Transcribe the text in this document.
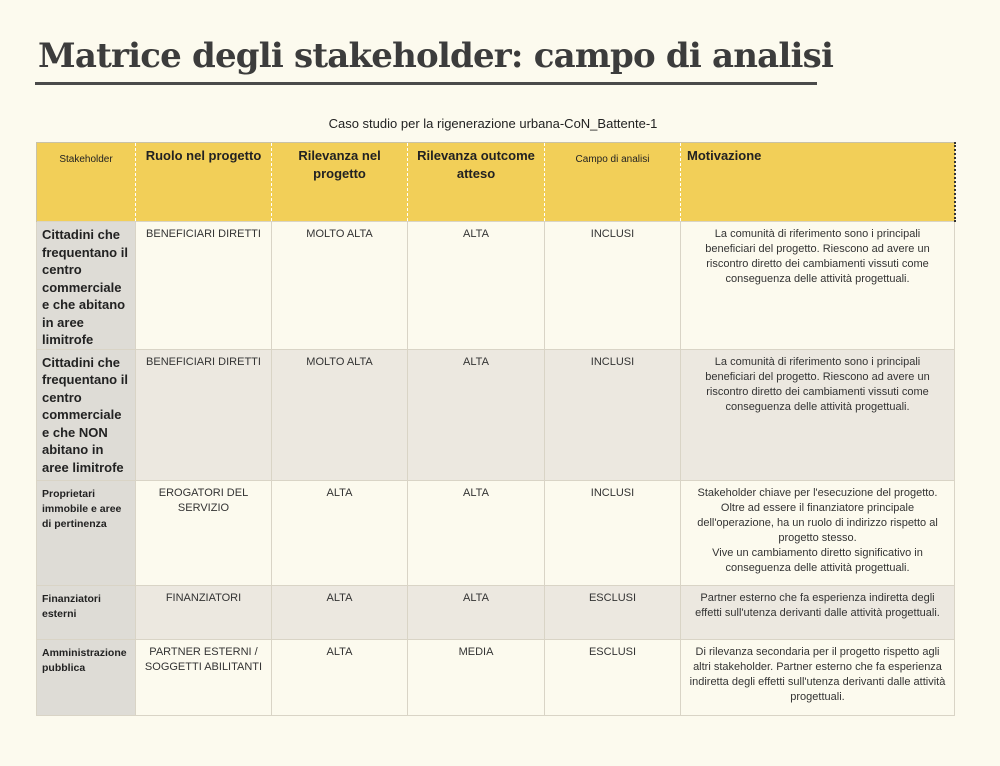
Matrice degli stakeholder: campo di analisi
Caso studio per la rigenerazione urbana-CoN_Battente-1
Stakeholder	Ruolo nel progetto	Rilevanza nel progetto	Rilevanza outcome atteso	Campo di analisi	Motivazione
Cittadini che frequentano il centro commerciale e che abitano in aree limitrofe	BENEFICIARI DIRETTI	MOLTO ALTA	ALTA	INCLUSI	La comunità di riferimento sono i principali beneficiari del progetto. Riescono ad avere un riscontro diretto dei cambiamenti vissuti come conseguenza delle attività progettuali.
Cittadini che frequentano il centro commerciale e che NON abitano in aree limitrofe	BENEFICIARI DIRETTI	MOLTO ALTA	ALTA	INCLUSI	La comunità di riferimento sono i principali beneficiari del progetto. Riescono ad avere un riscontro diretto dei cambiamenti vissuti come conseguenza delle attività progettuali.
Proprietari immobile e aree di pertinenza	EROGATORI DEL SERVIZIO	ALTA	ALTA	INCLUSI	Stakeholder chiave per l'esecuzione del progetto. Oltre ad essere il finanziatore principale dell'operazione, ha un ruolo di indirizzo rispetto al progetto stesso.
Vive un cambiamento diretto significativo in conseguenza delle attività progettuali.

Finanziatori esterni	FINANZIATORI	ALTA	ALTA	ESCLUSI	Partner esterno che fa esperienza indiretta degli effetti sull'utenza derivanti dalle attività progettuali.
Amministrazione pubblica	PARTNER ESTERNI / SOGGETTI ABILITANTI	ALTA	MEDIA	ESCLUSI	Di rilevanza secondaria per il progetto rispetto agli altri stakeholder. Partner esterno che fa esperienza indiretta degli effetti sull'utenza derivanti dalle attività progettuali.
